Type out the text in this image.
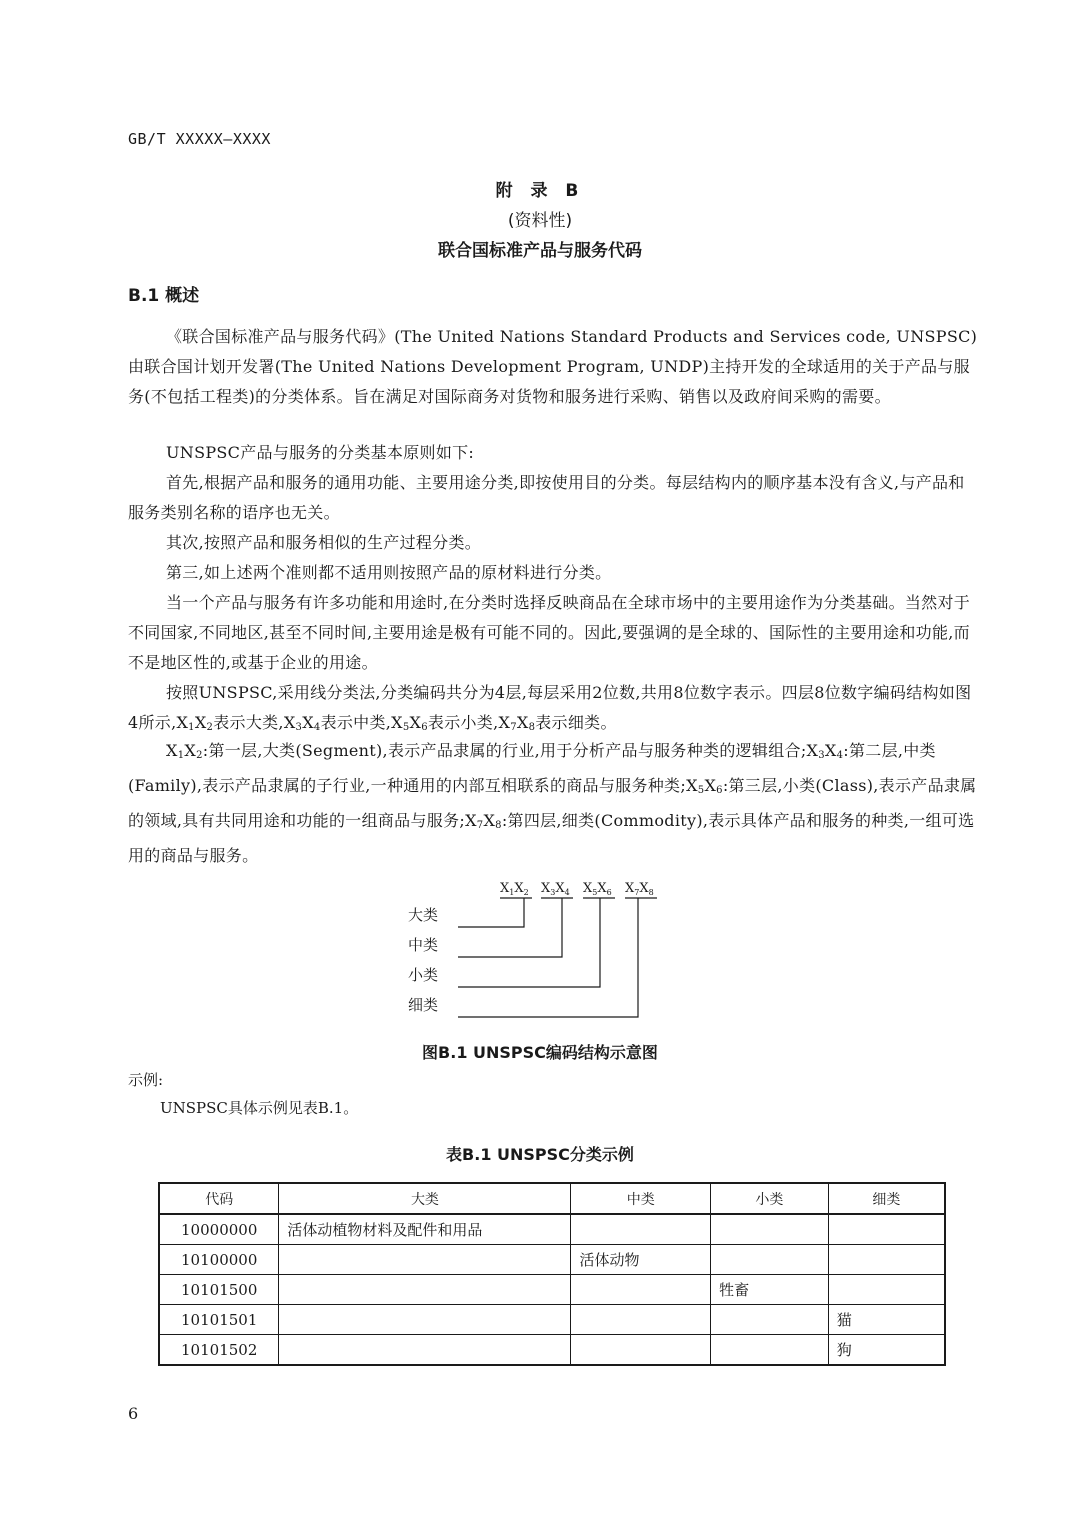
GB/T XXXXX—XXXX
附 录 B
(资料性)
联合国标准产品与服务代码
B.1 概述

《联合国标准产品与服务代码》(The United Nations Standard Products and Services code, UNSPSC)由联合国计划开发署(The United Nations Development Program, UNDP)主持开发的全球适用的关于产品与服务(不包括工程类)的分类体系。旨在满足对国际商务对货物和服务进行采购、销售以及政府间采购的需要。

UNSPSC产品与服务的分类基本原则如下:

首先,根据产品和服务的通用功能、主要用途分类,即按使用目的分类。每层结构内的顺序基本没有含义,与产品和服务类别名称的语序也无关。

其次,按照产品和服务相似的生产过程分类。

第三,如上述两个准则都不适用则按照产品的原材料进行分类。

当一个产品与服务有许多功能和用途时,在分类时选择反映商品在全球市场中的主要用途作为分类基础。当然对于不同国家,不同地区,甚至不同时间,主要用途是极有可能不同的。因此,要强调的是全球的、国际性的主要用途和功能,而不是地区性的,或基于企业的用途。

按照UNSPSC,采用线分类法,分类编码共分为4层,每层采用2位数,共用8位数字表示。四层8位数字编码结构如图4所示$,X_1X_2$表示大类$,X_3X_4$表示中类$,X_5X_6$表示小类$,X_7X_8$表示细类。

$X_1X_2$:第一层,大类(Segment),表示产品隶属的行业,用于分析产品与服务种类的逻辑组合$;X_3X_4$:第二层,中类(Family),表示产品隶属的子行业,一种通用的内部互相联系的商品与服务种类$;X_5X_6$:第三层,小类(Class),表示产品隶属的领域,具有共同用途和功能的一组商品与服务$;X_7X_8$:第四层,细类(Commodity),表示具体产品和服务的种类,一组可选用的商品与服务。

$X_1X_2$ $X_3X_4$ $X_5X_6$ $X_7X_8$
大类
中类
小类
细类
图B.1 UNSPSC编码结构示意图
示例:
UNSPSC具体示例见表B.1。
表B.1 UNSPSC分类示例
代码	大类	中类	小类	细类
10000000	活体动植物材料及配件和用品			
10100000		活体动物		
10101500			牲畜	
10101501				猫
10101502				狗
6
